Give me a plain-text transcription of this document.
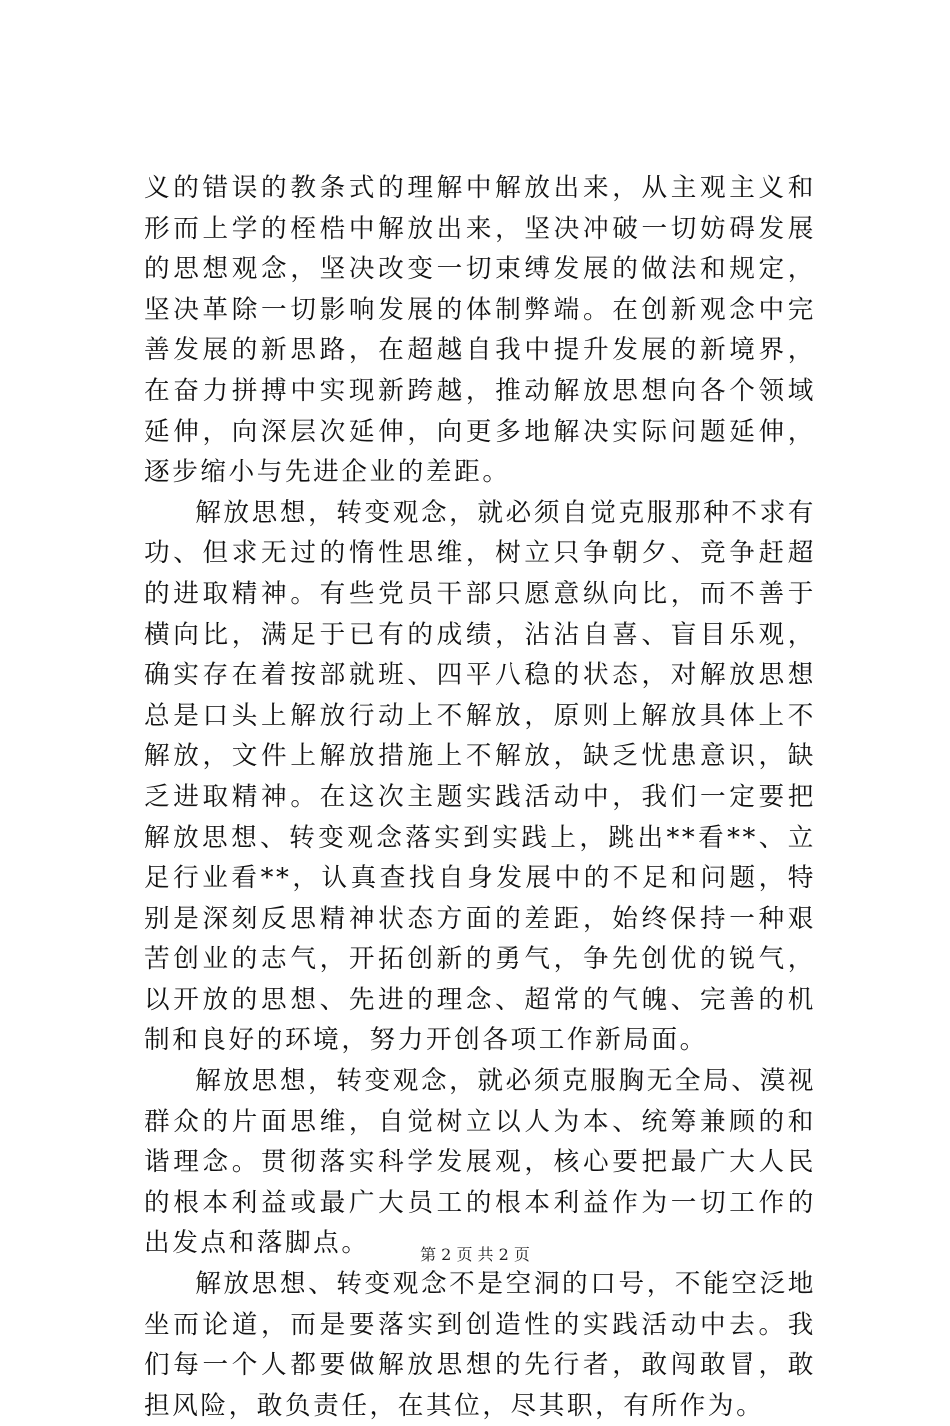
义的错误的教条式的理解中解放出来，从主观主义和形而上学的桎梏中解放出来，坚决冲破一切妨碍发展的思想观念，坚决改变一切束缚发展的做法和规定，坚决革除一切影响发展的体制弊端。在创新观念中完善发展的新思路，在超越自我中提升发展的新境界，在奋力拼搏中实现新跨越，推动解放思想向各个领域延伸，向深层次延伸，向更多地解决实际问题延伸，逐步缩小与先进企业的差距。

解放思想，转变观念，就必须自觉克服那种不求有功、但求无过的惰性思维，树立只争朝夕、竞争赶超的进取精神。有些党员干部只愿意纵向比，而不善于横向比，满足于已有的成绩，沾沾自喜、盲目乐观，确实存在着按部就班、四平八稳的状态，对解放思想总是口头上解放行动上不解放，原则上解放具体上不解放，文件上解放措施上不解放，缺乏忧患意识，缺乏进取精神。在这次主题实践活动中，我们一定要把解放思想、转变观念落实到实践上，跳出**看**、立足行业看**，认真查找自身发展中的不足和问题，特别是深刻反思精神状态方面的差距，始终保持一种艰苦创业的志气，开拓创新的勇气，争先创优的锐气，以开放的思想、先进的理念、超常的气魄、完善的机制和良好的环境，努力开创各项工作新局面。

解放思想，转变观念，就必须克服胸无全局、漠视群众的片面思维，自觉树立以人为本、统筹兼顾的和谐理念。贯彻落实科学发展观，核心要把最广大人民的根本利益或最广大员工的根本利益作为一切工作的出发点和落脚点。

解放思想、转变观念不是空洞的口号，不能空泛地坐而论道，而是要落实到创造性的实践活动中去。我们每一个人都要做解放思想的先行者，敢闯敢冒，敢担风险，敢负责任，在其位，尽其职，有所作为。

第 2 页 共 2 页
